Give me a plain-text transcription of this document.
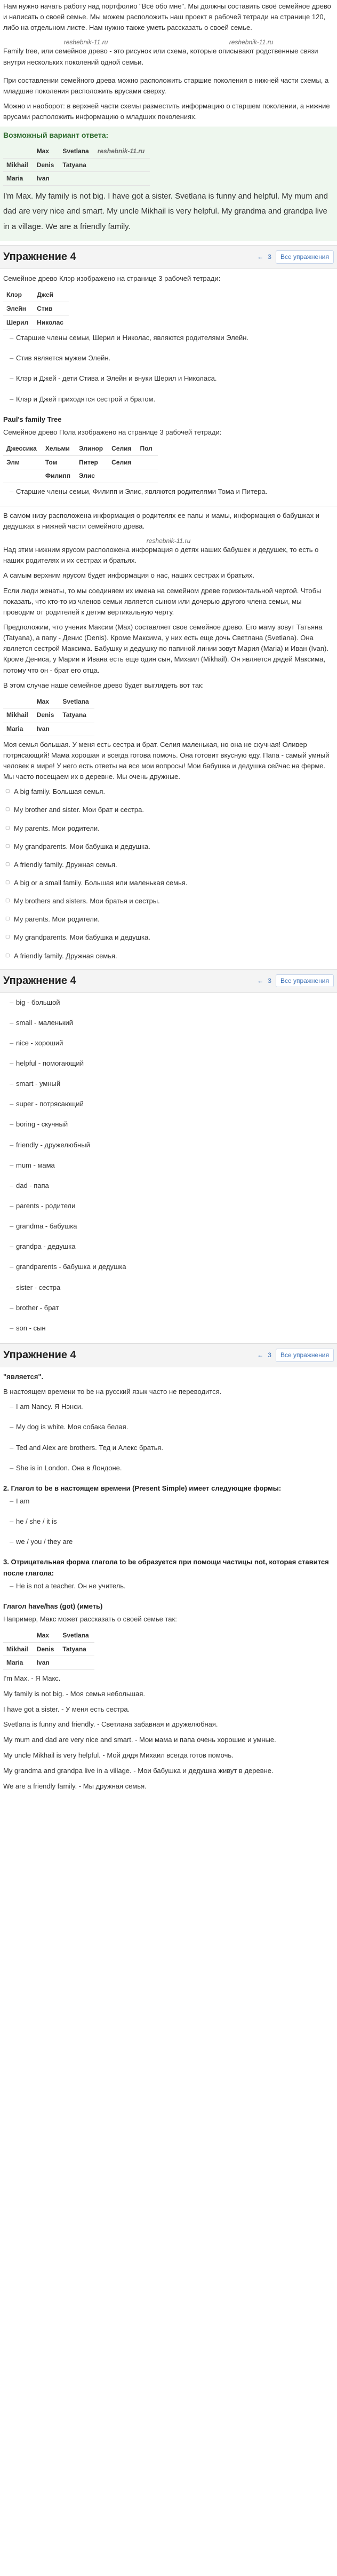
Нам нужно начать работу над портфолио "Всё обо мне". Мы должны составить своё семейное древо и написать о своей семье. Мы можем расположить наш проект в рабочей тетради на странице 120, либо на отдельном листе. Нам нужно также уметь рассказать о своей семье.

reshebnik-11.ru	reshebnik-11.ru

Family tree, или семейное древо - это рисунок или схема, которые описывают родственные связи внутри нескольких поколений одной семьи.

При составлении семейного древа можно расположить старшие поколения в нижней части схемы, а младшие поколения расположить врусами сверху.

Можно и наоборот: в верхней части схемы разместить информацию о старшем поколении, а нижние врусами расположить информацию о младших поколениях.

Возможный вариант ответа:
	Max	Svetlana	reshebnik-11.ru
Mikhail	Denis	Tatyana	
Maria	Ivan		

I'm Max. My family is not big. I have got a sister. Svetlana is funny and helpful. My mum and dad are very nice and smart. My uncle Mikhail is very helpful. My grandma and grandpa live in a village. We are a friendly family.

Упражнение 4	← 3	Все упражнения

Семейное древо Клэр изображено на странице 3 рабочей тетради:

Клэр	Джей
Элейн	Стив
Шерил	Николас
– Старшие члены семьи, Шерил и Николас, являются родителями Элейн.
– Стив является мужем Элейн.
– Клэр и Джей - дети Стива и Элейн и внуки Шерил и Николаса.
– Клэр и Джей приходятся сестрой и братом.
Paul's family Tree

Семейное древо Пола изображено на странице 3 рабочей тетради:

Джессика	Хельми	Элинор	Селия	Пол
Элм	Том	Питер	Селия	
	Филипп	Элис		
– Старшие члены семьи, Филипп и Элис, являются родителями Тома и Питера.

В самом низу расположена информация о родителях ее папы и мамы, информация о бабушках и дедушках в нижней части семейного древа.

reshebnik-11.ru

Над этим нижним ярусом расположена информация о детях наших бабушек и дедушек, то есть о наших родителях и их сестрах и братьях.

А самым верхним ярусом будет информация о нас, наших сестрах и братьях.

Если люди женаты, то мы соединяем их имена на семейном древе горизонтальной чертой. Чтобы показать, что кто-то из членов семьи является сыном или дочерью другого члена семьи, мы проводим от родителей к детям вертикальную черту.

Предположим, что ученик Максим (Max) составляет свое семейное древо. Его маму зовут Татьяна (Tatyana), а папу - Денис (Denis). Кроме Максима, у них есть еще дочь Светлана (Svetlana). Она является сестрой Максима. Бабушку и дедушку по папиной линии зовут Мария (Maria) и Иван (Ivan). Кроме Дениса, у Марии и Ивана есть еще один сын, Михаил (Mikhail). Он является дядей Максима, потому что он - брат его отца.

В этом случае наше семейное древо будет выглядеть вот так:

	Max	Svetlana
Mikhail	Denis	Tatyana
Maria	Ivan	

Моя семья большая. У меня есть сестра и брат. Селия маленькая, но она не скучная! Оливер потрясающий! Мама хорошая и всегда готова помочь. Она готовит вкусную еду. Папа - самый умный человек в мире! У него есть ответы на все мои вопросы! Мои бабушка и дедушка сейчас на ферме. Мы часто посещаем их в деревне. Мы очень дружные.

▢ A big family. Большая семья.
▢ My brother and sister. Мои брат и сестра.
▢ My parents. Мои родители.
▢ My grandparents. Мои бабушка и дедушка.
▢ A friendly family. Дружная семья.
▢ A big or a small family. Большая или маленькая семья.
▢ My brothers and sisters. Мои братья и сестры.
▢ My parents. Мои родители.
▢ My grandparents. Мои бабушка и дедушка.
▢ A friendly family. Дружная семья.
Упражнение 4	← 3	Все упражнения
– big - большой
– small - маленький
– nice - хороший
– helpful - помогающий
– smart - умный
– super - потрясающий
– boring - скучный
– friendly - дружелюбный
– mum - мама
– dad - папа
– parents - родители
– grandma - бабушка
– grandpa - дедушка
– grandparents - бабушка и дедушка
– sister - сестра
– brother - брат
– son - сын
Упражнение 4	← 3	Все упражнения

"является".

В настоящем времени то be на русский язык часто не переводится.

– I am Nancy. Я Нэнси.
– My dog is white. Моя собака белая.
– Ted and Alex are brothers. Тед и Алекс братья.
– She is in London. Она в Лондоне.

2. Глагол to be в настоящем времени (Present Simple) имеет следующие формы:

– I am
– he / she / it is
– we / you / they are

3. Отрицательная форма глагола to be образуется при помощи частицы not, которая ставится после глагола:

– He is not a teacher. Он не учитель.

Глагол have/has (got) (иметь)

Например, Макс может рассказать о своей семье так:

	Max	Svetlana
Mikhail	Denis	Tatyana
Maria	Ivan	

I'm Max. - Я Макс.

My family is not big. - Моя семья небольшая.

I have got a sister. - У меня есть сестра.

Svetlana is funny and friendly. - Светлана забавная и дружелюбная.

My mum and dad are very nice and smart. - Мои мама и папа очень хорошие и умные.

My uncle Mikhail is very helpful. - Мой дядя Михаил всегда готов помочь.

My grandma and grandpa live in a village. - Мои бабушка и дедушка живут в деревне.

We are a friendly family. - Мы дружная семья.
